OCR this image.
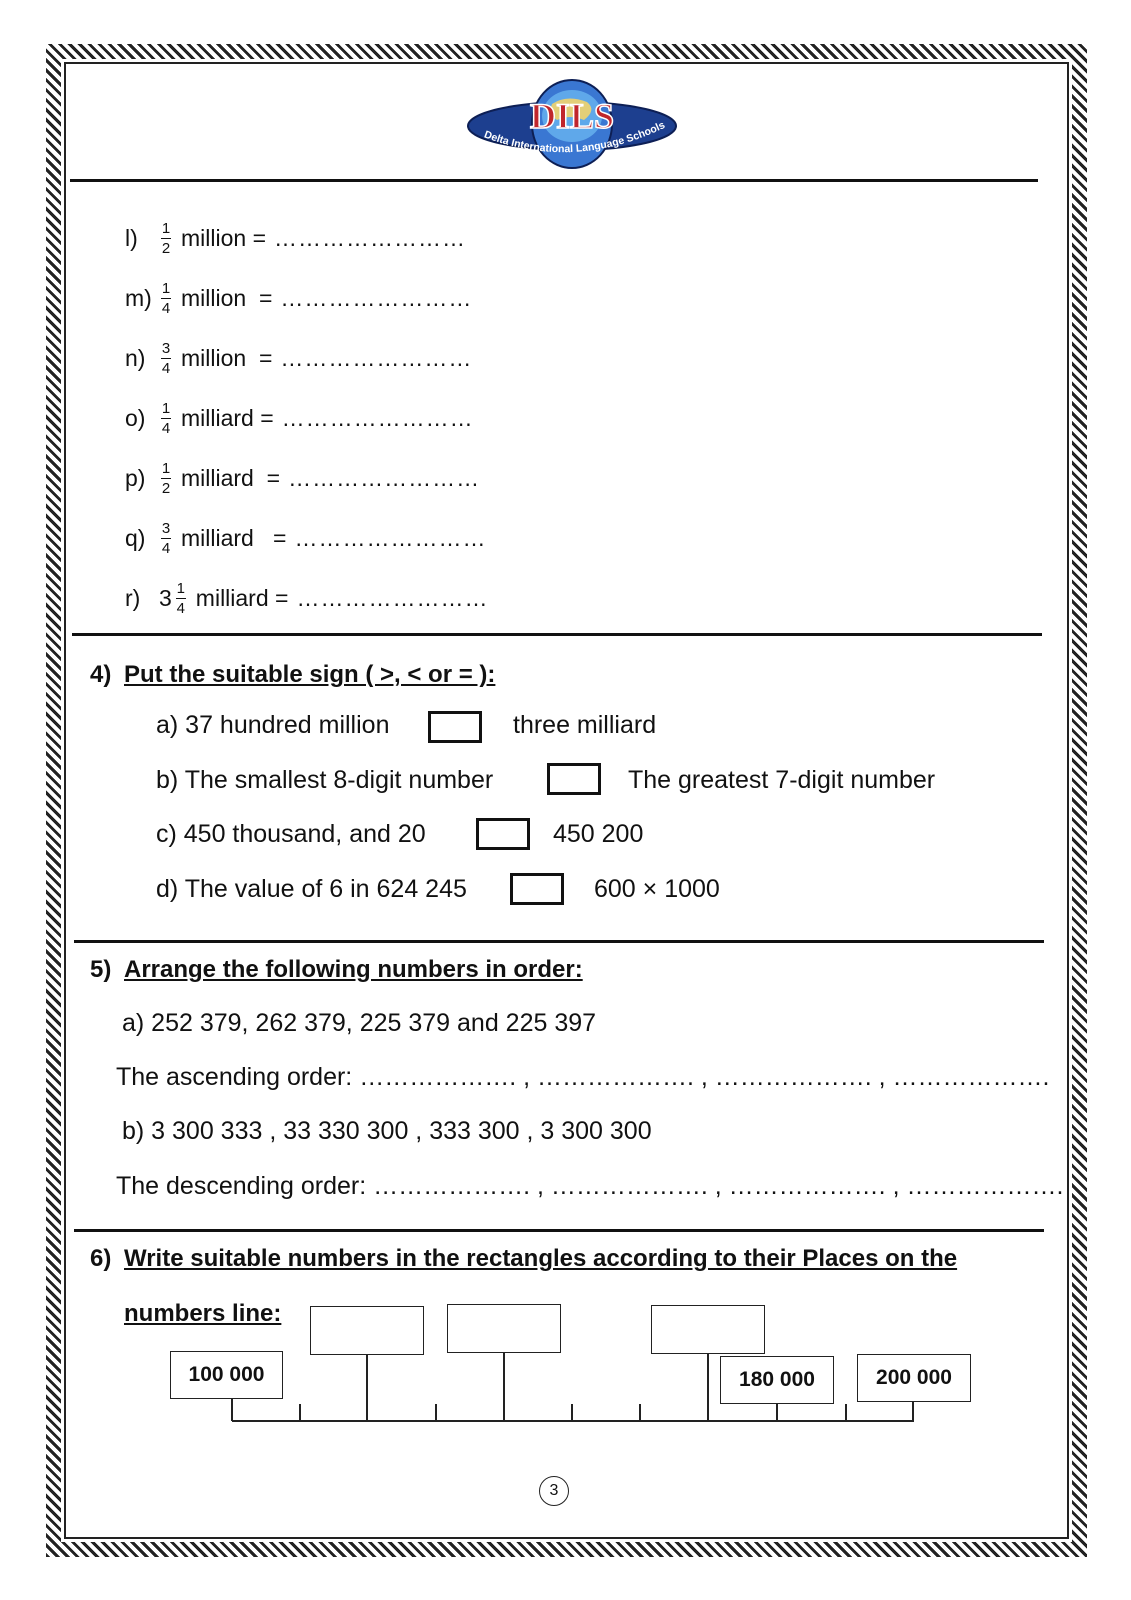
DILS
Delta International Language Schools
l)	$\frac{1}{2}$ million = ……………………
$m) \frac{1}{4}$ million  = ……………………
n)	$\frac{3}{4}$ million  = ……………………
o)	$\frac{1}{4}$ milliard = ……………………
p)	$\frac{1}{2}$ milliard  = ……………………
q)	$\frac{3}{4}$ milliard   = ……………………
r) $3 \frac{1}{4}$ milliard = ……………………
4) Put the suitable sign ( >, < or = ):
a) 37 hundred million	three milliard
b) The smallest 8-digit number	The greatest 7-digit number
c) 450 thousand, and 20	450 200
d) The value of 6 in 624 245	600 × 1000
5) Arrange the following numbers in order:
a) 252 379, 262 379, 225 379 and 225 397
The ascending order: ………………. , ………………. , ………………. , ……………….
b) 3 300 333 , 33 330 300 , 333 300 , 3 300 300
The descending order: ………………. , ………………. , ………………. , ……………….
6) Write suitable numbers in the rectangles according to their Places on the
numbers line:
100 000	180 000	200 000
3
